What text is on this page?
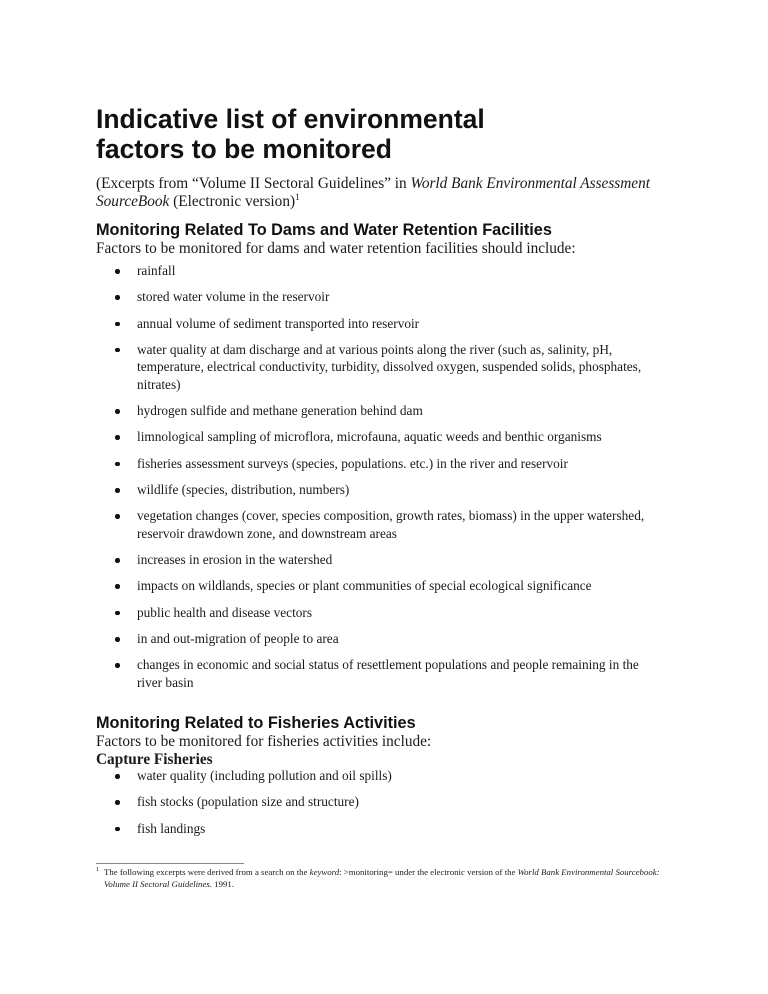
Indicative list of environmental
factors to be monitored

(Excerpts from “Volume II Sectoral Guidelines” in World Bank Environmental Assessment SourceBook (Electronic version)$^1$

Monitoring Related To Dams and Water Retention Facilities

Factors to be monitored for dams and water retention facilities should include:

rainfall
stored water volume in the reservoir
annual volume of sediment transported into reservoir
water quality at dam discharge and at various points along the river (such as, salinity, pH, temperature, electrical conductivity, turbidity, dissolved oxygen, suspended solids, phosphates, nitrates)
hydrogen sulfide and methane generation behind dam
limnological sampling of microflora, microfauna, aquatic weeds and benthic organisms
fisheries assessment surveys (species, populations. etc.) in the river and reservoir
wildlife (species, distribution, numbers)
vegetation changes (cover, species composition, growth rates, biomass) in the upper watershed, reservoir drawdown zone, and downstream areas
increases in erosion in the watershed
impacts on wildlands, species or plant communities of special ecological significance
public health and disease vectors
in and out-migration of people to area
changes in economic and social status of resettlement populations and people remaining in the river basin
Monitoring Related to Fisheries Activities

Factors to be monitored for fisheries activities include:

Capture Fisheries

water quality (including pollution and oil spills)
fish stocks (population size and structure)
fish landings

1 The following excerpts were derived from a search on the keyword: >monitoring= under the electronic version of the World Bank Environmental Sourcebook: Volume II Sectoral Guidelines. 1991.
